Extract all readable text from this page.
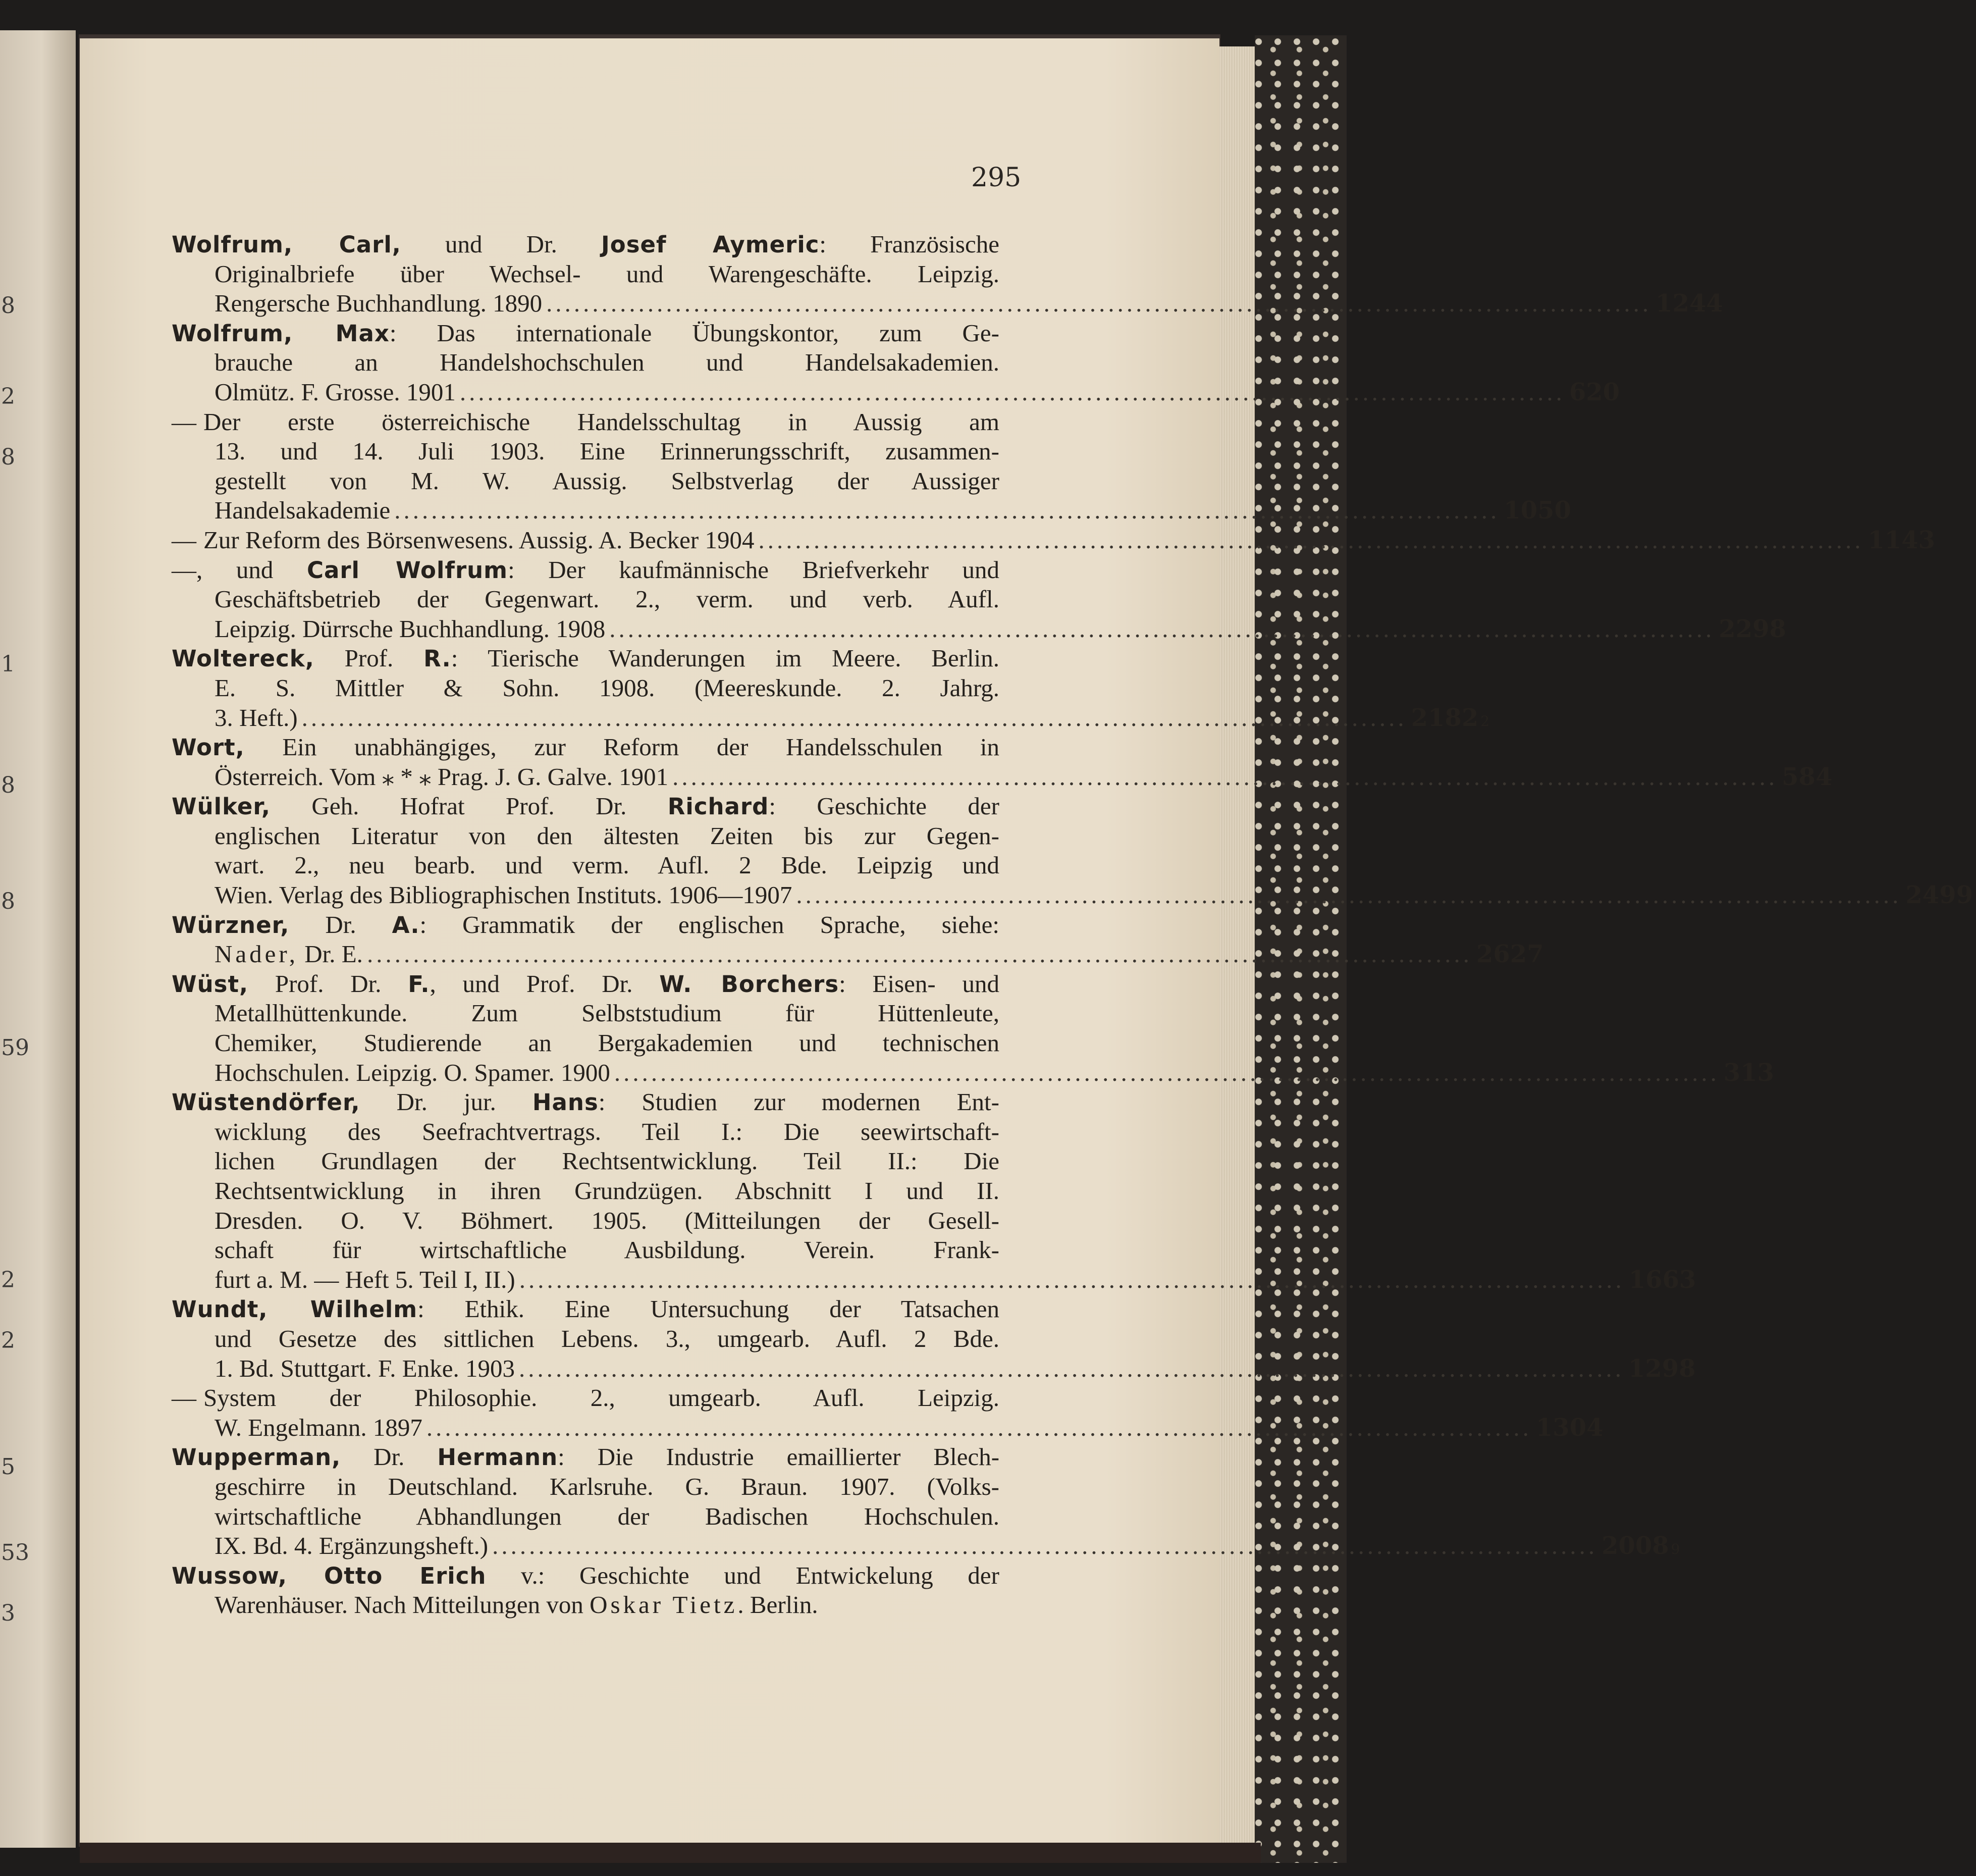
8
2
8
1
8
8
59
2
2
5
53
3
295
Wolfrum, Carl, und Dr. Josef Aymeric: Französische
Originalbriefe über Wechsel- und Warengeschäfte. Leipzig.
Rengersche Buchhandlung. 1890 ........................................................................................................................ 1244
Wolfrum, Max: Das internationale Übungskontor, zum Ge-
brauche an Handelshochschulen und Handelsakademien.
Olmütz. F. Grosse. 1901 ........................................................................................................................ 620
— Der erste österreichische Handelsschultag in Aussig am
13. und 14. Juli 1903. Eine Erinnerungsschrift, zusammen-
gestellt von M. W. Aussig. Selbstverlag der Aussiger
Handelsakademie ........................................................................................................................ 1050
— Zur Reform des Börsenwesens. Aussig. A. Becker 1904 ........................................................................................................................ 1143
—, und Carl Wolfrum: Der kaufmännische Briefverkehr und
Geschäftsbetrieb der Gegenwart. 2., verm. und verb. Aufl.
Leipzig. Dürrsche Buchhandlung. 1908 ........................................................................................................................ 2298
Woltereck, Prof. R.: Tierische Wanderungen im Meere. Berlin.
E. S. Mittler & Sohn. 1908. (Meereskunde. 2. Jahrg.
3. Heft.) ........................................................................................................................ 2182 2
Wort, Ein unabhängiges, zur Reform der Handelsschulen in
Österreich. Vom ⁎ * ⁎ Prag. J. G. Galve. 1901 ........................................................................................................................ 584
Wülker, Geh. Hofrat Prof. Dr. Richard: Geschichte der
englischen Literatur von den ältesten Zeiten bis zur Gegen-
wart. 2., neu bearb. und verm. Aufl. 2 Bde. Leipzig und
Wien. Verlag des Bibliographischen Instituts. 1906—1907 ........................................................................................................................ 2499
Würzner, Dr. A.: Grammatik der englischen Sprache, siehe:
Nader, Dr. E. ........................................................................................................................ 2627
Wüst, Prof. Dr. F., und Prof. Dr. W. Borchers: Eisen- und
Metallhüttenkunde. Zum Selbststudium für Hüttenleute,
Chemiker, Studierende an Bergakademien und technischen
Hochschulen. Leipzig. O. Spamer. 1900 ........................................................................................................................ 313
Wüstendörfer, Dr. jur. Hans: Studien zur modernen Ent-
wicklung des Seefrachtvertrags. Teil I.: Die seewirtschaft-
lichen Grundlagen der Rechtsentwicklung. Teil II.: Die
Rechtsentwicklung in ihren Grundzügen. Abschnitt I und II.
Dresden. O. V. Böhmert. 1905. (Mitteilungen der Gesell-
schaft für wirtschaftliche Ausbildung. Verein. Frank-
furt a. M. — Heft 5. Teil I, II.) ........................................................................................................................ 1663
Wundt, Wilhelm: Ethik. Eine Untersuchung der Tatsachen
und Gesetze des sittlichen Lebens. 3., umgearb. Aufl. 2 Bde.
1. Bd. Stuttgart. F. Enke. 1903 ........................................................................................................................ 1298
— System der Philosophie. 2., umgearb. Aufl. Leipzig.
W. Engelmann. 1897 ........................................................................................................................ 1304
Wupperman, Dr. Hermann: Die Industrie emaillierter Blech-
geschirre in Deutschland. Karlsruhe. G. Braun. 1907. (Volks-
wirtschaftliche Abhandlungen der Badischen Hochschulen.
IX. Bd. 4. Ergänzungsheft.) ........................................................................................................................ 2008 9
Wussow, Otto Erich v.: Geschichte und Entwickelung der
Warenhäuser. Nach Mitteilungen von Oskar Tietz. Berlin.
